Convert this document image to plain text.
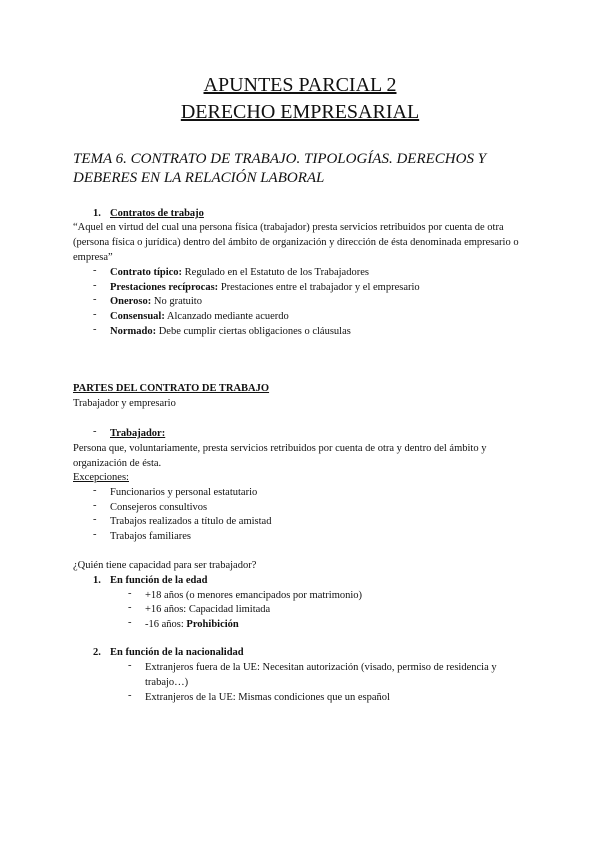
APUNTES PARCIAL 2
DERECHO EMPRESARIAL
TEMA 6. CONTRATO DE TRABAJO. TIPOLOGÍAS. DERECHOS Y DEBERES EN LA RELACIÓN LABORAL
1. Contratos de trabajo
“Aquel en virtud del cual una persona física (trabajador) presta servicios retribuidos por cuenta de otra (persona física o jurídica) dentro del ámbito de organización y dirección de ésta denominada empresario o empresa”
- Contrato típico: Regulado en el Estatuto de los Trabajadores
- Prestaciones recíprocas: Prestaciones entre el trabajador y el empresario
- Oneroso: No gratuito
- Consensual: Alcanzado mediante acuerdo
- Normado: Debe cumplir ciertas obligaciones o cláusulas
PARTES DEL CONTRATO DE TRABAJO
Trabajador y empresario
- Trabajador:
Persona que, voluntariamente, presta servicios retribuidos por cuenta de otra y dentro del ámbito y organización de ésta.
Excepciones:
- Funcionarios y personal estatutario
- Consejeros consultivos
- Trabajos realizados a título de amistad
- Trabajos familiares
¿Quién tiene capacidad para ser trabajador?
1. En función de la edad
- +18 años (o menores emancipados por matrimonio)
- +16 años: Capacidad limitada
- -16 años: Prohibición
2. En función de la nacionalidad
- Extranjeros fuera de la UE: Necesitan autorización (visado, permiso de residencia y trabajo…)
- Extranjeros de la UE: Mismas condiciones que un español
